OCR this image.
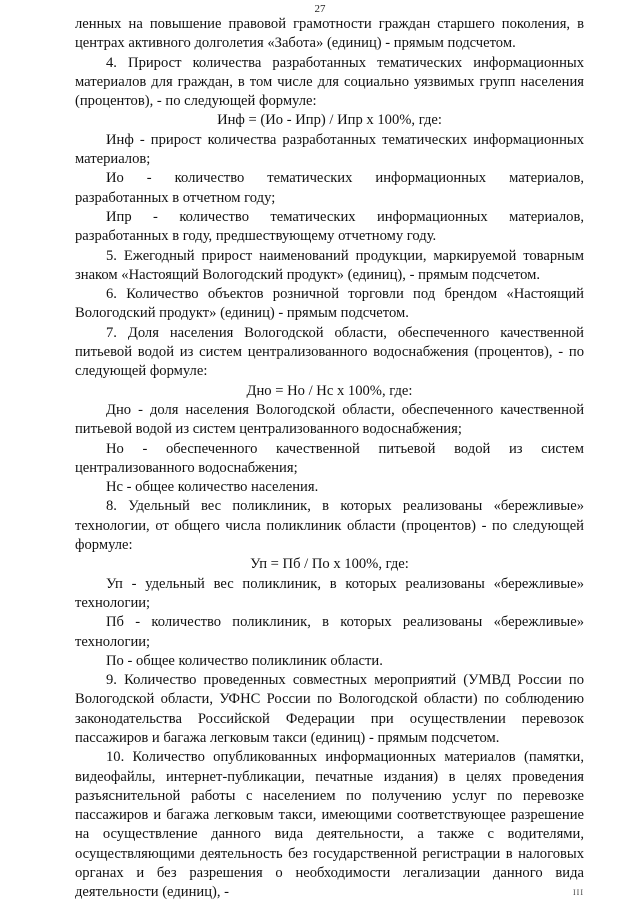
27

ленных на повышение правовой грамотности граждан старшего поколения, в центрах активного долголетия «Забота» (единиц) - прямым подсчетом.

4. Прирост количества разработанных тематических информационных материалов для граждан, в том числе для социально уязвимых групп населения (процентов), - по следующей формуле:

Инф = (Ио - Ипр) / Ипр х 100%, где:

Инф - прирост количества разработанных тематических информационных материалов;

Ио - количество тематических информационных материалов, разработанных в отчетном году;

Ипр - количество тематических информационных материалов, разработанных в году, предшествующему отчетному году.

5. Ежегодный прирост наименований продукции, маркируемой товарным знаком «Настоящий Вологодский продукт» (единиц), - прямым подсчетом.

6. Количество объектов розничной торговли под брендом «Настоящий Вологодский продукт» (единиц) - прямым подсчетом.

7. Доля населения Вологодской области, обеспеченного качественной питьевой водой из систем централизованного водоснабжения (процентов), - по следующей формуле:

Дно = Но / Нс х 100%, где:

Дно - доля населения Вологодской области, обеспеченного качественной питьевой водой из систем централизованного водоснабжения;

Но - обеспеченного качественной питьевой водой из систем централизованного водоснабжения;

Нс - общее количество населения.

8. Удельный вес поликлиник, в которых реализованы «бережливые» технологии, от общего числа поликлиник области (процентов) - по следующей формуле:

Уп = Пб / По х 100%, где:

Уп - удельный вес поликлиник, в которых реализованы «бережливые» технологии;

Пб - количество поликлиник, в которых реализованы «бережливые» технологии;

По - общее количество поликлиник области.

9. Количество проведенных совместных мероприятий (УМВД России по Вологодской области, УФНС России по Вологодской области) по соблюдению законодательства Российской Федерации при осуществлении перевозок пассажиров и багажа легковым такси (единиц) - прямым подсчетом.

10. Количество опубликованных информационных материалов (памятки, видеофайлы, интернет-публикации, печатные издания) в целях проведения разъяснительной работы с населением по получению услуг по перевозке пассажиров и багажа легковым такси, имеющими соответствующее разрешение на осуществление данного вида деятельности, а также с водителями, осуществляющими деятельность без государственной регистрации в налоговых органах и без разрешения о необходимости легализации данного вида деятельности (единиц), -	III
